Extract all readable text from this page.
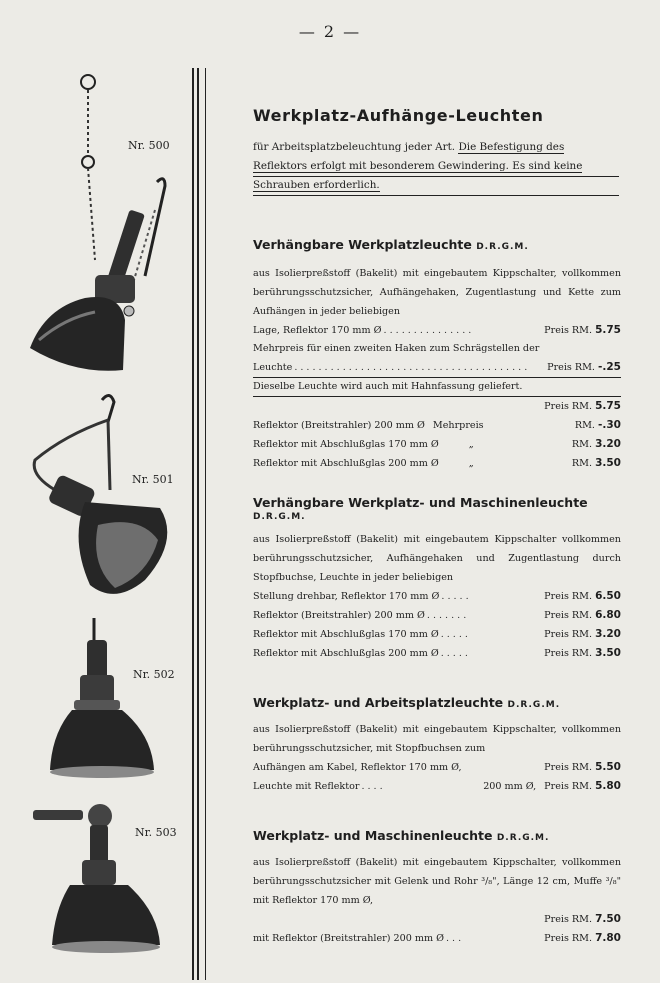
— 2 —
Nr. 500
Nr. 501
Nr. 502
Nr. 503
Werkplatz-Aufhänge-Leuchten
für Arbeitsplatzbeleuchtung jeder Art. Die Befestigung des Reflektors erfolgt mit besonderem Gewindering. Es sind keine Schrauben erforderlich.
Verhängbare Werkplatzleuchte D.R.G.M.

aus Isolierpreßstoff (Bakelit) mit eingebautem Kippschalter, vollkommen berührungsschutzsicher, Aufhängehaken, Zugentlastung und Kette zum Aufhängen in jeder beliebigen

Lage, Reflektor 170 mm Ø ...............	Preis RM. 5.75
Mehrpreis für einen zweiten Haken zum Schrägstellen der
Leuchte .......................................	Preis RM. -.25
Dieselbe Leuchte wird auch mit Hahnfassung geliefert.
Preis RM. 5.75
Reflektor (Breitstrahler) 200 mm Ø Mehrpreis	RM. -.30
Reflektor mit Abschlußglas 170 mm Ø	„	RM. 3.20
Reflektor mit Abschlußglas 200 mm Ø	„	RM. 3.50
Verhängbare Werkplatz- und Maschinenleuchte

D.R.G.M.

aus Isolierpreßstoff (Bakelit) mit eingebautem Kippschalter vollkommen berührungsschutzsicher, Aufhängehaken und Zugentlastung durch Stopfbuchse, Leuchte in jeder beliebigen

Stellung drehbar, Reflektor 170 mm Ø .....	Preis RM. 6.50
Reflektor (Breitstrahler) 200 mm Ø .......	Preis RM. 6.80
Reflektor mit Abschlußglas 170 mm Ø .....	Preis RM. 3.20
Reflektor mit Abschlußglas 200 mm Ø .....	Preis RM. 3.50
Werkplatz- und Arbeitsplatzleuchte D.R.G.M.

aus Isolierpreßstoff (Bakelit) mit eingebautem Kippschalter, vollkommen berührungsschutzsicher, mit Stopfbuchsen zum

Aufhängen am Kabel, Reflektor 170 mm Ø,	Preis RM. 5.50
Leuchte mit Reflektor ....	200 mm Ø, Preis RM. 5.80
Werkplatz- und Maschinenleuchte D.R.G.M.

aus Isolierpreßstoff (Bakelit) mit eingebautem Kippschalter, vollkommen berührungsschutzsicher mit Gelenk und Rohr ³/₈", Länge 12 cm, Muffe ³/₈" mit Reflektor 170 mm Ø,

Preis RM. 7.50
mit Reflektor (Breitstrahler) 200 mm Ø ...	Preis RM. 7.80
